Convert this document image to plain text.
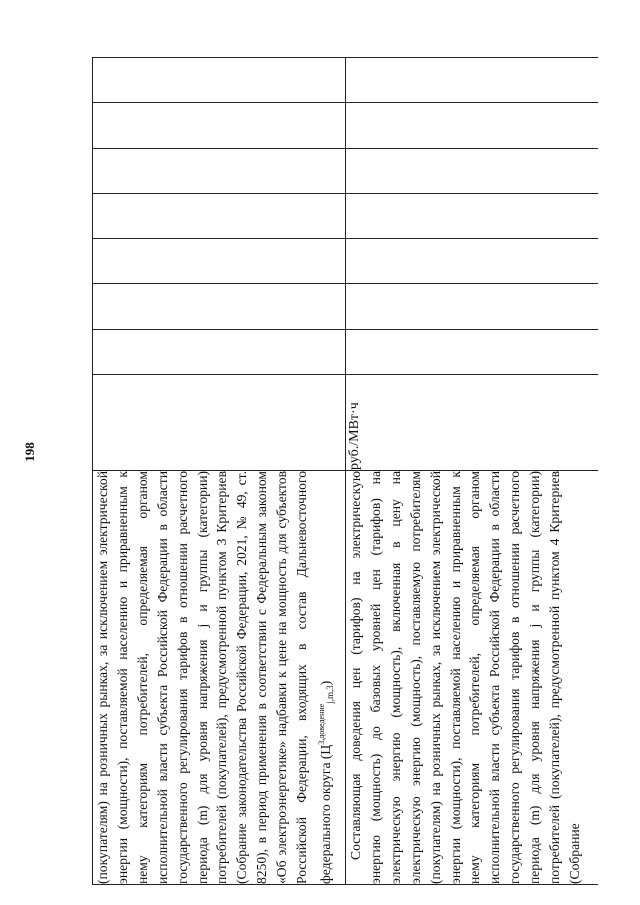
198

(покупателям) на розничных рынках, за исключением электрической энергии (мощности), поставляемой населению и приравненным к нему категориям потребителей, определяемая органом исполнительной власти субъекта Российской Федерации в области государственного регулирования тарифов в отношении расчетного периода (m) для уровня напряжения j и группы (категории) потребителей (покупателей), предусмотренной пунктом 3 Критериев (Собрание законодательства Российской Федерации, 2021, № 49, ст. 8250), в период применения в соответствии с Федеральным законом «Об электроэнергетике» надбавки к цене на мощность для субъектов Российской Федерации, входящих в состав Дальневосточного федерального округа $(Ц^{3,доведение}_{j,m,3})$								

Составляющая доведения цен (тарифов) на электрическую энергию (мощность) до базовых уровней цен (тарифов) на электрическую энергию (мощность), включенная в цену на электрическую энергию (мощность), поставляемую потребителям (покупателям) на розничных рынках, за исключением электрической энергии (мощности), поставляемой населению и приравненным к нему категориям потребителей, определяемая органом исполнительной власти субъекта Российской Федерации в области государственного регулирования тарифов в отношении расчетного периода (m) для уровня напряжения j и группы (категории) потребителей (покупателей), предусмотренной пунктом 4 Критериев (Собрание	руб./МВт·ч							
